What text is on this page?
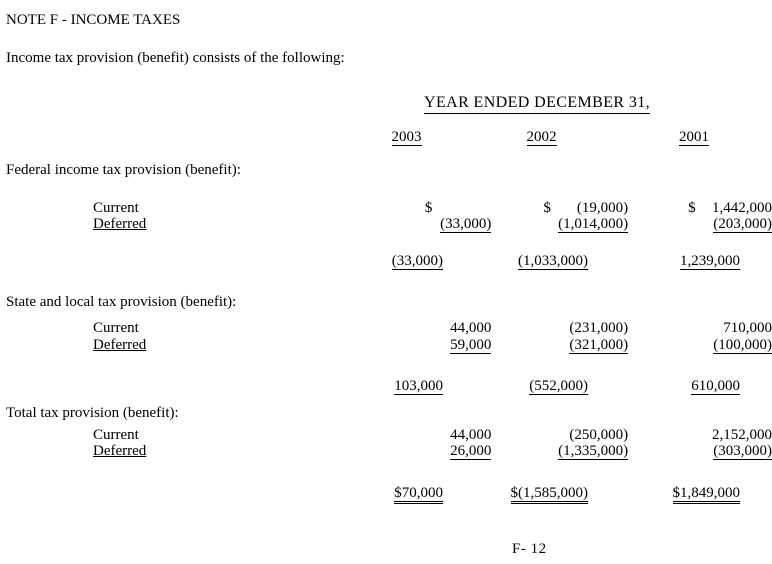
NOTE F - INCOME TAXES
Income tax provision (benefit) consists of the following:
YEAR ENDED DECEMBER 31,
2003	2002	2001
Federal income tax provision (benefit):
Current	$	$ (19,000)	$ 1,442,000
Deferred	(33,000)	(1,014,000)	(203,000)
(33,000)	(1,033,000)	1,239,000
State and local tax provision (benefit):
Current	44,000	(231,000)	710,000
Deferred	59,000	(321,000)	(100,000)
103,000	(552,000)	610,000
Total tax provision (benefit):
Current	44,000	(250,000)	2,152,000
Deferred	26,000	(1,335,000)	(303,000)
$70,000	$(1,585,000)	$1,849,000
F- 12
